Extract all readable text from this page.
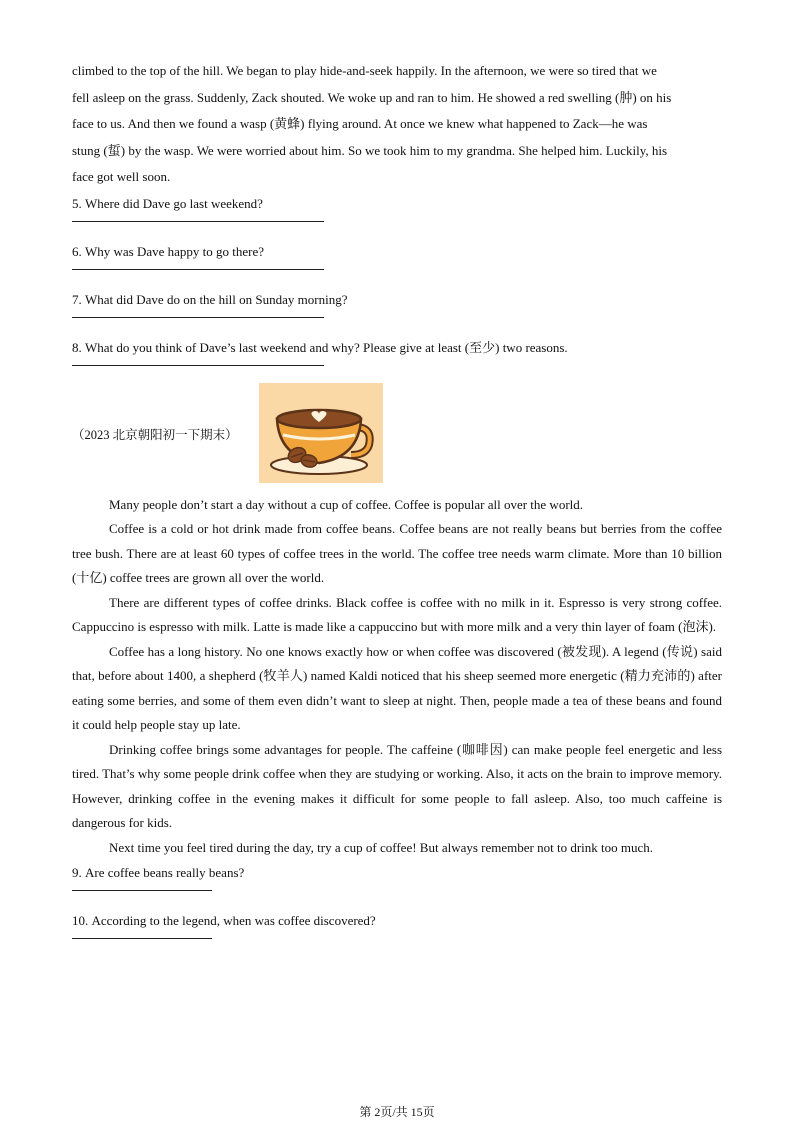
climbed to the top of the hill. We began to play hide-and-seek happily. In the afternoon, we were so tired that we

fell asleep on the grass. Suddenly, Zack shouted. We woke up and ran to him. He showed a red swelling (肿) on his

face to us. And then we found a wasp (黄蜂) flying around. At once we knew what happened to Zack—he was

stung (蜇) by the wasp. We were worried about him. So we took him to my grandma. She helped him. Luckily, his

face got well soon.

5. Where did Dave go last weekend?

6. Why was Dave happy to go there?

7. What did Dave do on the hill on Sunday morning?

8. What do you think of Dave’s last weekend and why? Please give at least (至少) two reasons.

（2023 北京朝阳初一下期末）

Many people don’t start a day without a cup of coffee. Coffee is popular all over the world.

Coffee is a cold or hot drink made from coffee beans. Coffee beans are not really beans but berries from the coffee tree bush. There are at least 60 types of coffee trees in the world. The coffee tree needs warm climate. More than 10 billion (十亿) coffee trees are grown all over the world.

There are different types of coffee drinks. Black coffee is coffee with no milk in it. Espresso is very strong coffee. Cappuccino is espresso with milk. Latte is made like a cappuccino but with more milk and a very thin layer of foam (泡沫).

Coffee has a long history. No one knows exactly how or when coffee was discovered (被发现). A legend (传说) said that, before about 1400, a shepherd (牧羊人) named Kaldi noticed that his sheep seemed more energetic (精力充沛的) after eating some berries, and some of them even didn’t want to sleep at night. Then, people made a tea of these beans and found it could help people stay up late.

Drinking coffee brings some advantages for people. The caffeine (咖啡因) can make people feel energetic and less tired. That’s why some people drink coffee when they are studying or working. Also, it acts on the brain to improve memory. However, drinking coffee in the evening makes it difficult for some people to fall asleep. Also, too much caffeine is dangerous for kids.

Next time you feel tired during the day, try a cup of coffee! But always remember not to drink too much.

9. Are coffee beans really beans?

10. According to the legend, when was coffee discovered?

第 2页/共 15页
